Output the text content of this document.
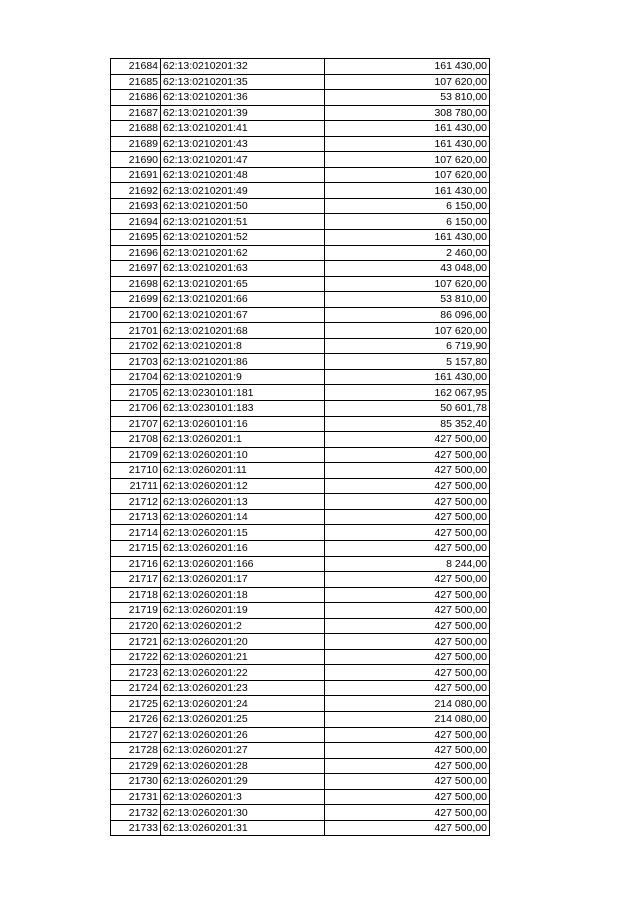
21684	62:13:0210201:32	161 430,00
21685	62:13:0210201:35	107 620,00
21686	62:13:0210201:36	53 810,00
21687	62:13:0210201:39	308 780,00
21688	62:13:0210201:41	161 430,00
21689	62:13:0210201:43	161 430,00
21690	62:13:0210201:47	107 620,00
21691	62:13:0210201:48	107 620,00
21692	62:13:0210201:49	161 430,00
21693	62:13:0210201:50	6 150,00
21694	62:13:0210201:51	6 150,00
21695	62:13:0210201:52	161 430,00
21696	62:13:0210201:62	2 460,00
21697	62:13:0210201:63	43 048,00
21698	62:13:0210201:65	107 620,00
21699	62:13:0210201:66	53 810,00
21700	62:13:0210201:67	86 096,00
21701	62:13:0210201:68	107 620,00
21702	62:13:0210201:8	6 719,90
21703	62:13:0210201:86	5 157,80
21704	62:13:0210201:9	161 430,00
21705	62:13:0230101:181	162 067,95
21706	62:13:0230101:183	50 601,78
21707	62:13:0260101:16	85 352,40
21708	62:13:0260201:1	427 500,00
21709	62:13:0260201:10	427 500,00
21710	62:13:0260201:11	427 500,00
21711	62:13:0260201:12	427 500,00
21712	62:13:0260201:13	427 500,00
21713	62:13:0260201:14	427 500,00
21714	62:13:0260201:15	427 500,00
21715	62:13:0260201:16	427 500,00
21716	62:13:0260201:166	8 244,00
21717	62:13:0260201:17	427 500,00
21718	62:13:0260201:18	427 500,00
21719	62:13:0260201:19	427 500,00
21720	62:13:0260201:2	427 500,00
21721	62:13:0260201:20	427 500,00
21722	62:13:0260201:21	427 500,00
21723	62:13:0260201:22	427 500,00
21724	62:13:0260201:23	427 500,00
21725	62:13:0260201:24	214 080,00
21726	62:13:0260201:25	214 080,00
21727	62:13:0260201:26	427 500,00
21728	62:13:0260201:27	427 500,00
21729	62:13:0260201:28	427 500,00
21730	62:13:0260201:29	427 500,00
21731	62:13:0260201:3	427 500,00
21732	62:13:0260201:30	427 500,00
21733	62:13:0260201:31	427 500,00
